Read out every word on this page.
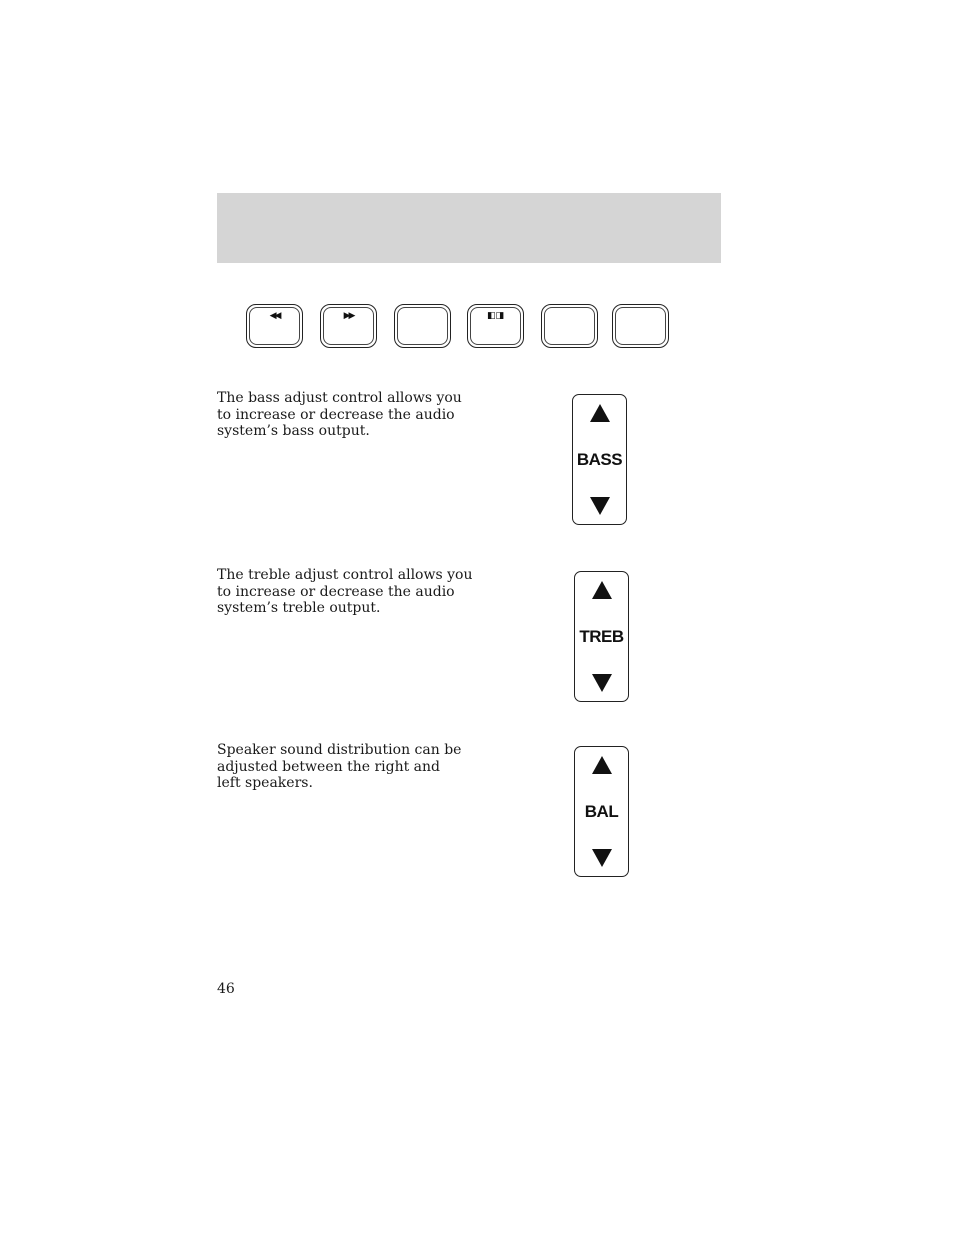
◀◀	▶▶	◧◨

The bass adjust control allows you to increase or decrease the audio system’s bass output.

BASS

The treble adjust control allows you to increase or decrease the audio system’s treble output.

TREB

Speaker sound distribution can be adjusted between the right and left speakers.

BAL
46
